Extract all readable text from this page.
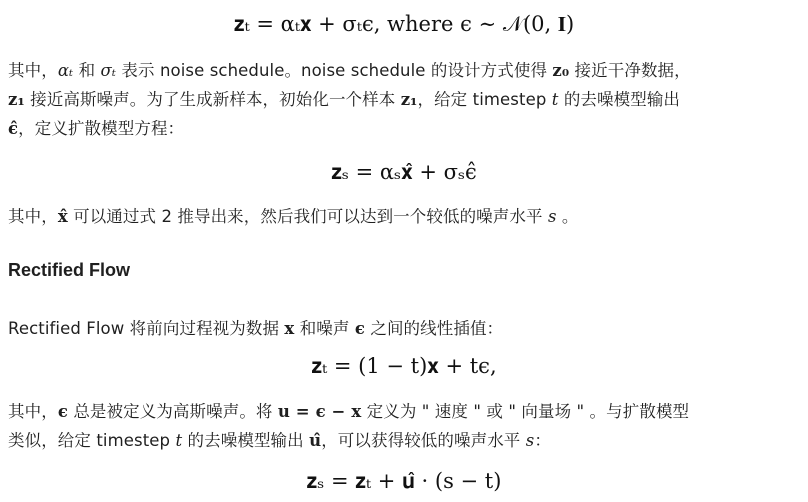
𝐳ₜ = αₜ𝐱 + σₜϵ, where ϵ ∼ 𝒩(0, 𝐈)
其中，αₜ 和 σₜ 表示 noise schedule。noise schedule 的设计方式使得 𝐳₀ 接近干净数据，
𝐳₁ 接近高斯噪声。为了生成新样本，初始化一个样本 𝐳₁，给定 timestep t 的去噪模型输出
ϵ̂，定义扩散模型方程：
𝐳ₛ = αₛ𝐱̂ + σₛϵ̂
其中，𝐱̂ 可以通过式 2 推导出来，然后我们可以达到一个较低的噪声水平 s 。
Rectified Flow
Rectified Flow 将前向过程视为数据 𝐱 和噪声 ϵ 之间的线性插值：
𝐳ₜ = (1 − t)𝐱 + tϵ,
其中，ϵ 总是被定义为高斯噪声。将 𝐮 = ϵ − 𝐱 定义为 " 速度 " 或 " 向量场 " 。与扩散模型
类似，给定 timestep t 的去噪模型输出 𝐮̂，可以获得较低的噪声水平 s：
𝐳ₛ = 𝐳ₜ + 𝐮̂ · (s − t)
